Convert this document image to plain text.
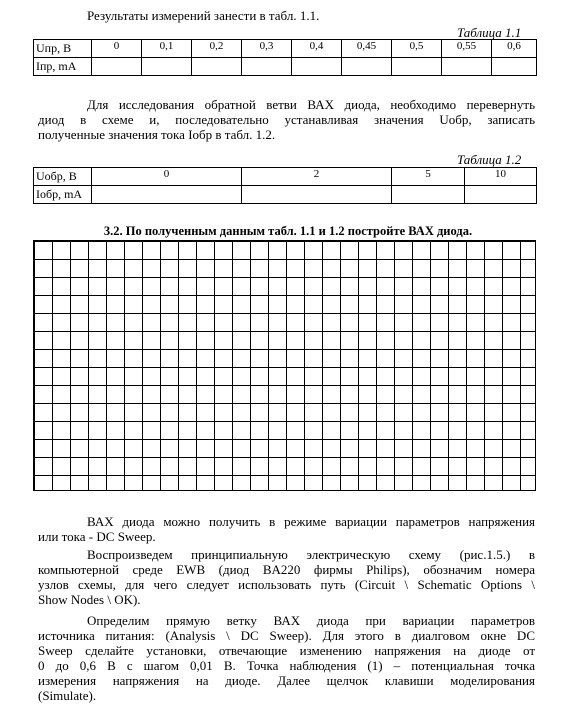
Результаты измерений занести в табл. 1.1.
Таблица 1.1
Uпр, В	0	0,1	0,2	0,3	0,4	0,45	0,5	0,55	0,6
Iпр, mA									
Для исследования обратной ветви ВАХ диода, необходимо перевернуть
диод в схеме и, последовательно устанавливая значения Uобр, записать
полученные значения тока Iобр в табл. 1.2.
Таблица 1.2
Uобр, В	0	2	5	10
Iобр, mA				
3.2. По полученным данным табл. 1.1 и 1.2 постройте ВАХ диода.
ВАХ диода можно получить в режиме вариации параметров напряжения
или тока - DC Sweep.
Воспроизведем принципиальную электрическую схему (рис.1.5.) в
компьютерной среде EWB (диод BA220 фирмы Philips), обозначим номера
узлов схемы, для чего следует использовать путь (Circuit \ Schematic Options \
Show Nodes \ OK).
Определим прямую ветку ВАХ диода при вариации параметров
источника питания: (Analysis \ DC Sweep). Для этого в диалговом окне DC
Sweep сделайте установки, отвечающие изменению напряжения на диоде от
0 до 0,6 В с шагом 0,01 В. Точка наблюдения (1) – потенциальная точка
измерения напряжения на диоде. Далее щелчок клавиши моделирования
(Simulate).
